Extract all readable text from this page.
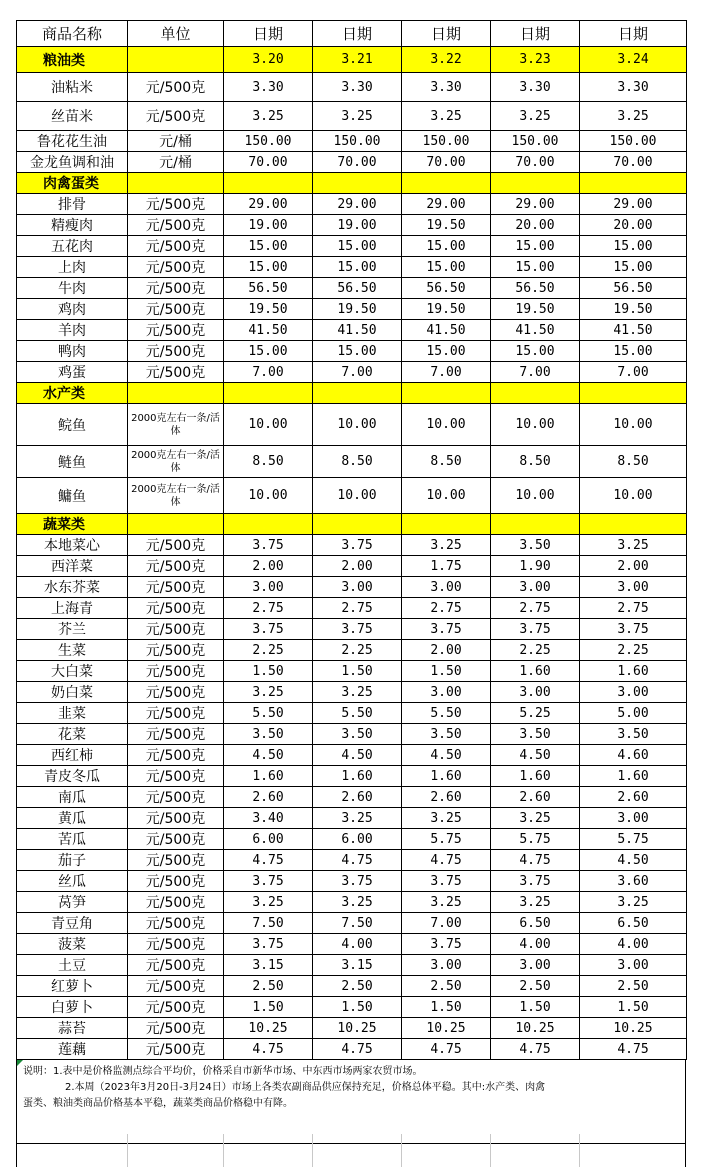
商品名称	单位	日期	日期	日期	日期	日期
粮油类		3.20	3.21	3.22	3.23	3.24
油粘米	元/500克	3.30	3.30	3.30	3.30	3.30
丝苗米	元/500克	3.25	3.25	3.25	3.25	3.25
鲁花花生油	元/桶	150.00	150.00	150.00	150.00	150.00
金龙鱼调和油	元/桶	70.00	70.00	70.00	70.00	70.00
肉禽蛋类						
排骨	元/500克	29.00	29.00	29.00	29.00	29.00
精瘦肉	元/500克	19.00	19.00	19.50	20.00	20.00
五花肉	元/500克	15.00	15.00	15.00	15.00	15.00
上肉	元/500克	15.00	15.00	15.00	15.00	15.00
牛肉	元/500克	56.50	56.50	56.50	56.50	56.50
鸡肉	元/500克	19.50	19.50	19.50	19.50	19.50
羊肉	元/500克	41.50	41.50	41.50	41.50	41.50
鸭肉	元/500克	15.00	15.00	15.00	15.00	15.00
鸡蛋	元/500克	7.00	7.00	7.00	7.00	7.00
水产类						
鲩鱼	2000克左右一条/活体	10.00	10.00	10.00	10.00	10.00
鲢鱼	2000克左右一条/活体	8.50	8.50	8.50	8.50	8.50
鳙鱼	2000克左右一条/活体	10.00	10.00	10.00	10.00	10.00
蔬菜类						
本地菜心	元/500克	3.75	3.75	3.25	3.50	3.25
西洋菜	元/500克	2.00	2.00	1.75	1.90	2.00
水东芥菜	元/500克	3.00	3.00	3.00	3.00	3.00
上海青	元/500克	2.75	2.75	2.75	2.75	2.75
芥兰	元/500克	3.75	3.75	3.75	3.75	3.75
生菜	元/500克	2.25	2.25	2.00	2.25	2.25
大白菜	元/500克	1.50	1.50	1.50	1.60	1.60
奶白菜	元/500克	3.25	3.25	3.00	3.00	3.00
韭菜	元/500克	5.50	5.50	5.50	5.25	5.00
花菜	元/500克	3.50	3.50	3.50	3.50	3.50
西红柿	元/500克	4.50	4.50	4.50	4.50	4.60
青皮冬瓜	元/500克	1.60	1.60	1.60	1.60	1.60
南瓜	元/500克	2.60	2.60	2.60	2.60	2.60
黄瓜	元/500克	3.40	3.25	3.25	3.25	3.00
苦瓜	元/500克	6.00	6.00	5.75	5.75	5.75
茄子	元/500克	4.75	4.75	4.75	4.75	4.50
丝瓜	元/500克	3.75	3.75	3.75	3.75	3.60
莴笋	元/500克	3.25	3.25	3.25	3.25	3.25
青豆角	元/500克	7.50	7.50	7.00	6.50	6.50
菠菜	元/500克	3.75	4.00	3.75	4.00	4.00
土豆	元/500克	3.15	3.15	3.00	3.00	3.00
红萝卜	元/500克	2.50	2.50	2.50	2.50	2.50
白萝卜	元/500克	1.50	1.50	1.50	1.50	1.50
蒜苔	元/500克	10.25	10.25	10.25	10.25	10.25
莲藕	元/500克	4.75	4.75	4.75	4.75	4.75

说明：1.表中是价格监测点综合平均价，价格采自市新华市场、中东西市场两家农贸市场。

2.本周（2023年3月20日-3月24日）市场上各类农副商品供应保持充足，价格总体平稳。其中:水产类、肉禽

蛋类、粮油类商品价格基本平稳，蔬菜类商品价格稳中有降。
